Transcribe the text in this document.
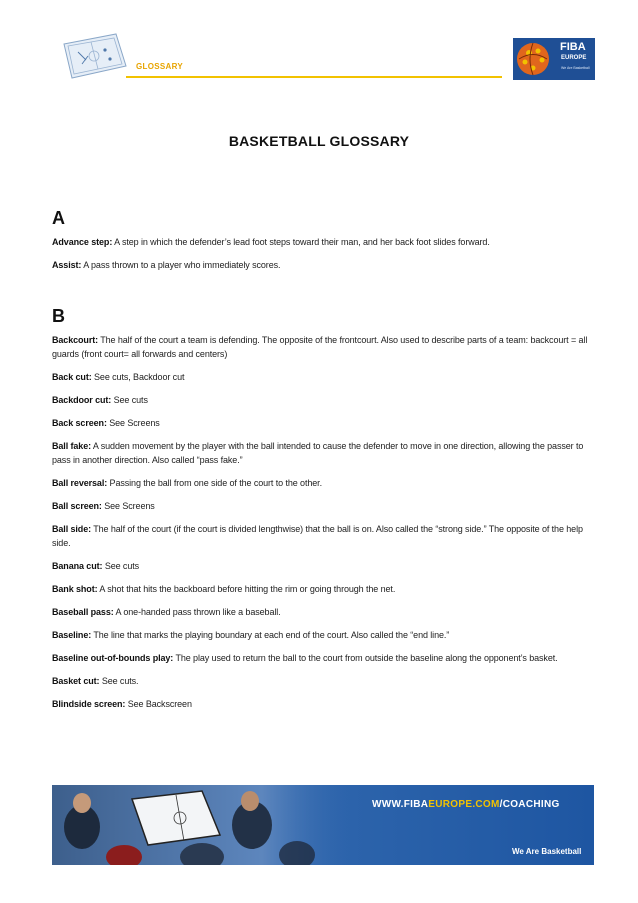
GLOSSARY
FIBA
EUROPE
We Are Basketball
BASKETBALL GLOSSARY
A

Advance step: A step in which the defender’s lead foot steps toward their man, and her back foot slides forward.

Assist: A pass thrown to a player who immediately scores.

B

Backcourt: The half of the court a team is defending. The opposite of the frontcourt. Also used to describe parts of a team: backcourt = all guards (front court= all forwards and centers)

Back cut: See cuts, Backdoor cut

Backdoor cut: See cuts

Back screen: See Screens

Ball fake: A sudden movement by the player with the ball intended to cause the defender to move in one direction, allowing the passer to pass in another direction. Also called “pass fake.”

Ball reversal: Passing the ball from one side of the court to the other.

Ball screen: See Screens

Ball side: The half of the court (if the court is divided lengthwise) that the ball is on. Also called the “strong side.” The opposite of the help side.

Banana cut: See cuts

Bank shot: A shot that hits the backboard before hitting the rim or going through the net.

Baseball pass: A one-handed pass thrown like a baseball.

Baseline: The line that marks the playing boundary at each end of the court. Also called the “end line.”

Baseline out-of-bounds play: The play used to return the ball to the court from outside the baseline along the opponent’s basket.

Basket cut: See cuts.

Blindside screen: See Backscreen

WWW.FIBAEUROPE.COM/COACHING
We Are Basketball
